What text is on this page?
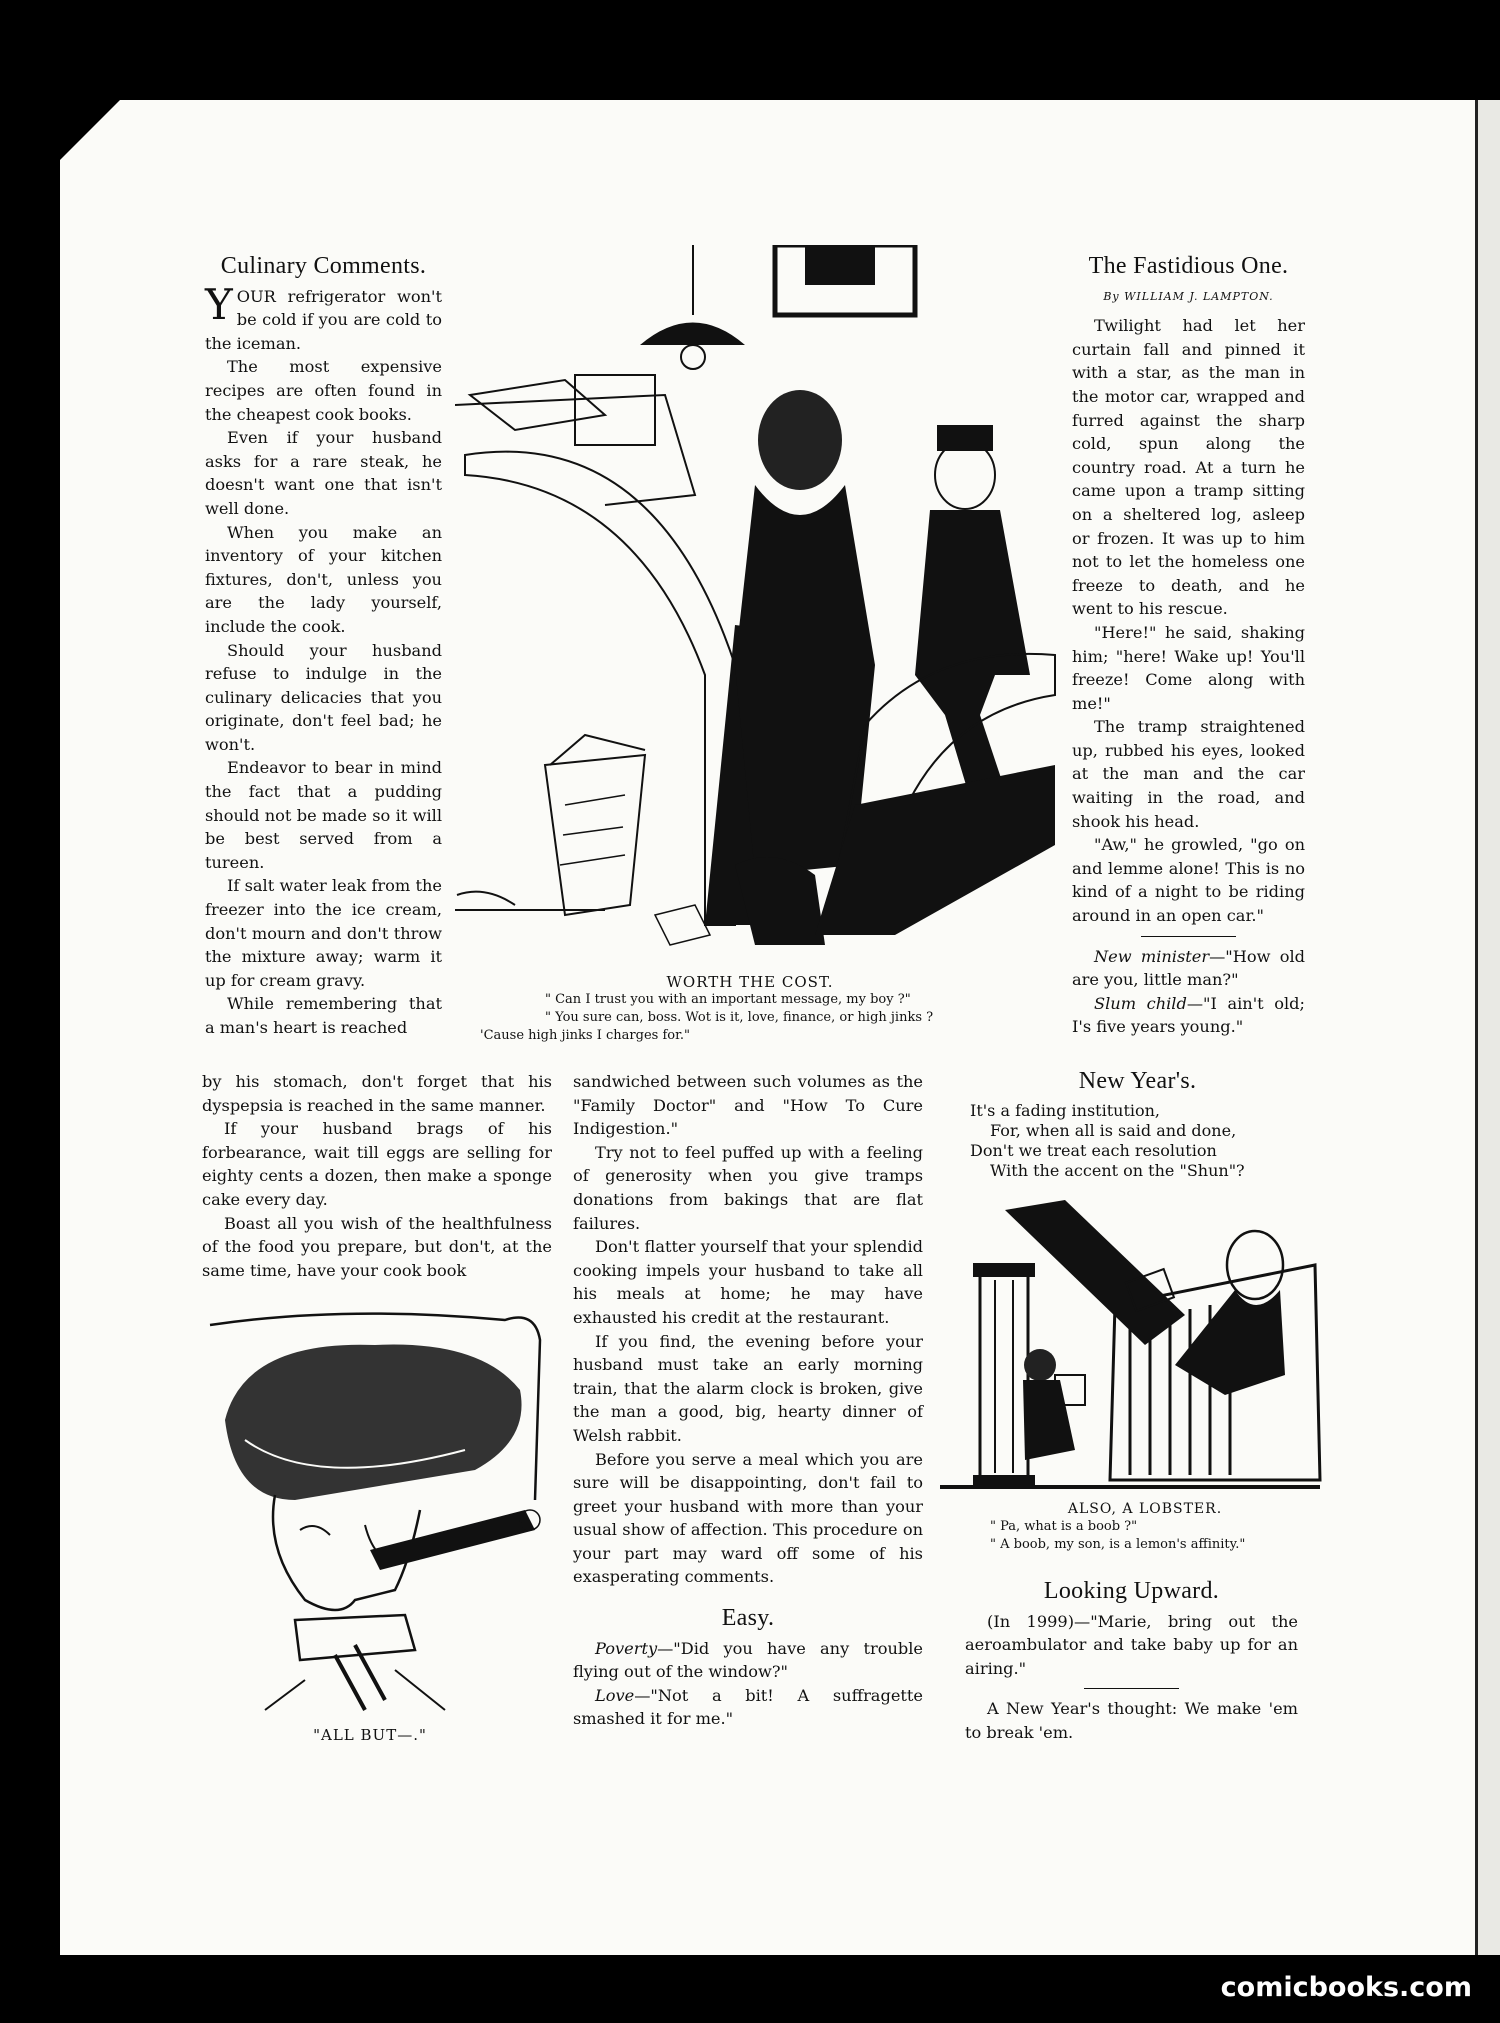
Culinary Comments.

YOUR refrigerator won't be cold if you are cold to the iceman.

The most expensive recipes are often found in the cheapest cook books.

Even if your husband asks for a rare steak, he doesn't want one that isn't well done.

When you make an inventory of your kitchen fixtures, don't, unless you are the lady yourself, include the cook.

Should your husband refuse to indulge in the culinary delicacies that you originate, don't feel bad; he won't.

Endeavor to bear in mind the fact that a pudding should not be made so it will be best served from a tureen.

If salt water leak from the freezer into the ice cream, don't mourn and don't throw the mixture away; warm it up for cream gravy.

While remembering that a man's heart is reached

by his stomach, don't forget that his dyspepsia is reached in the same manner.

If your husband brags of his forbearance, wait till eggs are selling for eighty cents a dozen, then make a sponge cake every day.

Boast all you wish of the healthfulness of the food you prepare, but don't, at the same time, have your cook book

sandwiched between such volumes as the "Family Doctor" and "How To Cure Indigestion."

Try not to feel puffed up with a feeling of generosity when you give tramps donations from bakings that are flat failures.

Don't flatter yourself that your splendid cooking impels your husband to take all his meals at home; he may have exhausted his credit at the restaurant.

If you find, the evening before your husband must take an early morning train, that the alarm clock is broken, give the man a good, big, hearty dinner of Welsh rabbit.

Before you serve a meal which you are sure will be disappointing, don't fail to greet your husband with more than your usual show of affection. This procedure on your part may ward off some of his exasperating comments.

Easy.

Poverty—"Did you have any trouble flying out of the window?"

Love—"Not a bit! A suffragette smashed it for me."

The Fastidious One.
By WILLIAM J. LAMPTON.

Twilight had let her curtain fall and pinned it with a star, as the man in the motor car, wrapped and furred against the sharp cold, spun along the country road. At a turn he came upon a tramp sitting on a sheltered log, asleep or frozen. It was up to him not to let the homeless one freeze to death, and he went to his rescue.

"Here!" he said, shaking him; "here! Wake up! You'll freeze! Come along with me!"

The tramp straightened up, rubbed his eyes, looked at the man and the car waiting in the road, and shook his head.

"Aw," he growled, "go on and lemme alone! This is no kind of a night to be riding around in an open car."

New minister—"How old are you, little man?"

Slum child—"I ain't old; I's five years young."

New Year's.
It's a fading institution,
For, when all is said and done,
Don't we treat each resolution
With the accent on the "Shun"?
Looking Upward.

(In 1999)—"Marie, bring out the aeroambulator and take baby up for an airing."

A New Year's thought: We make 'em to break 'em.

WORTH THE COST.
" Can I trust you with an important message, my boy ?"
" You sure can, boss. Wot is it, love, finance, or high jinks ?
'Cause high jinks I charges for."
"ALL BUT—."
ALSO, A LOBSTER.
" Pa, what is a boob ?"
" A boob, my son, is a lemon's affinity."
comicbooks.com
